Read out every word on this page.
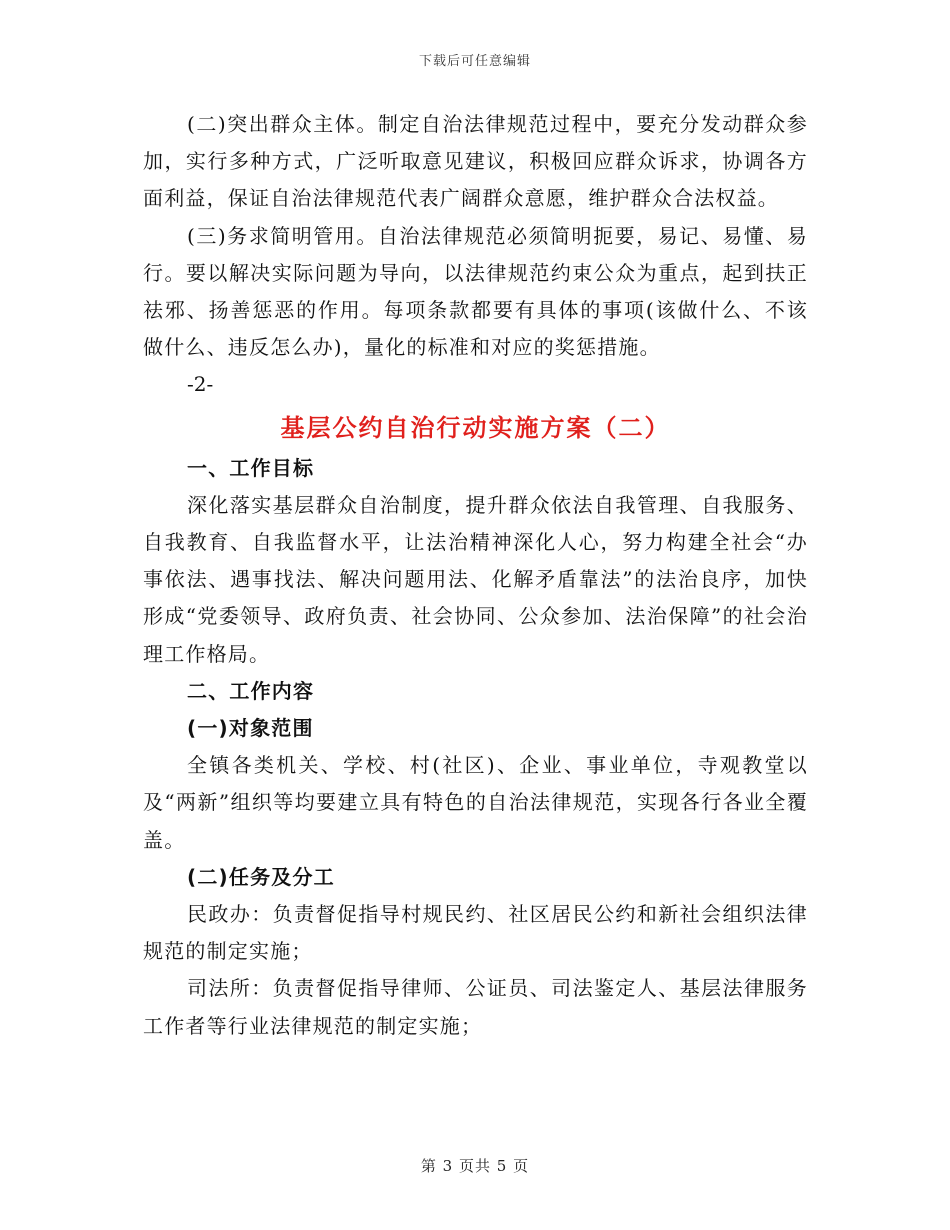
下载后可任意编辑

(二)突出群众主体。制定自治法律规范过程中，要充分发动群众参加，实行多种方式，广泛听取意见建议，积极回应群众诉求，协调各方面利益，保证自治法律规范代表广阔群众意愿，维护群众合法权益。

(三)务求简明管用。自治法律规范必须简明扼要，易记、易懂、易行。要以解决实际问题为导向，以法律规范约束公众为重点，起到扶正祛邪、扬善惩恶的作用。每项条款都要有具体的事项(该做什么、不该做什么、违反怎么办)，量化的标准和对应的奖惩措施。

-2-

基层公约自治行动实施方案（二）
一、工作目标

深化落实基层群众自治制度，提升群众依法自我管理、自我服务、自我教育、自我监督水平，让法治精神深化人心，努力构建全社会“办事依法、遇事找法、解决问题用法、化解矛盾靠法”的法治良序，加快形成“党委领导、政府负责、社会协同、公众参加、法治保障”的社会治理工作格局。

二、工作内容
(一)对象范围

全镇各类机关、学校、村(社区)、企业、事业单位，寺观教堂以及“两新”组织等均要建立具有特色的自治法律规范，实现各行各业全覆盖。

(二)任务及分工

民政办：负责督促指导村规民约、社区居民公约和新社会组织法律规范的制定实施；

司法所：负责督促指导律师、公证员、司法鉴定人、基层法律服务工作者等行业法律规范的制定实施；

第 3 页共 5 页
